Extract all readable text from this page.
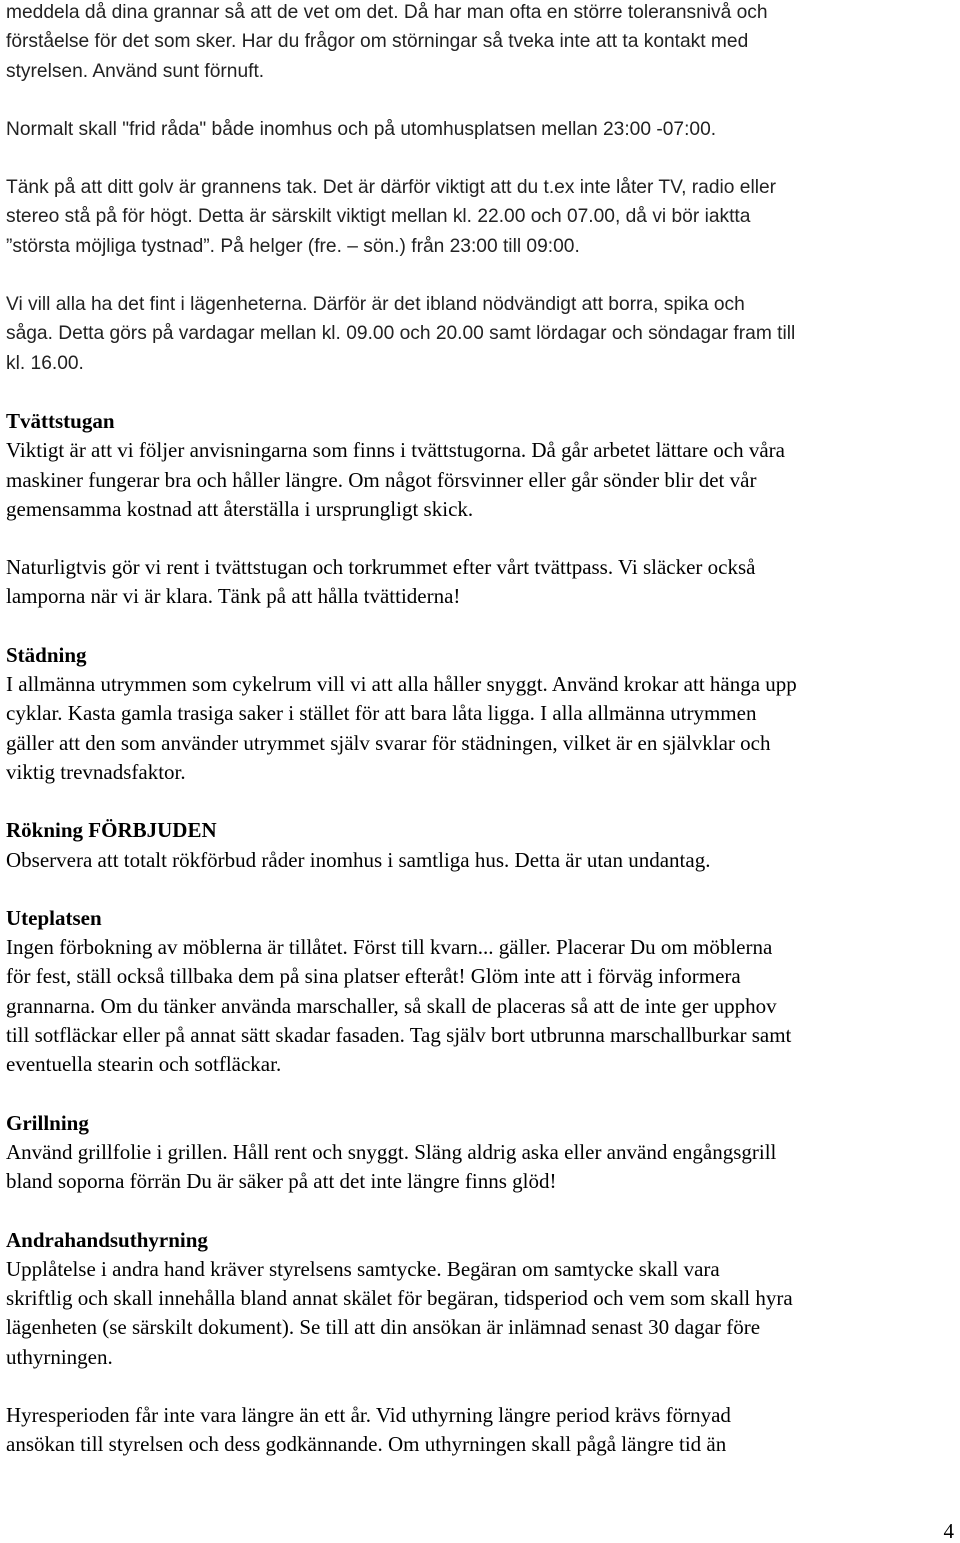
meddela då dina grannar så att de vet om det. Då har man ofta en större toleransnivå och
förståelse för det som sker. Har du frågor om störningar så tveka inte att ta kontakt med
styrelsen. Använd sunt förnuft.

Normalt skall "frid råda" både inomhus och på utomhusplatsen mellan 23:00 -07:00.

Tänk på att ditt golv är grannens tak. Det är därför viktigt att du t.ex inte låter TV, radio eller
stereo stå på för högt. Detta är särskilt viktigt mellan kl. 22.00 och 07.00, då vi bör iaktta
”största möjliga tystnad”. På helger (fre. – sön.) från 23:00 till 09:00.

Vi vill alla ha det fint i lägenheterna. Därför är det ibland nödvändigt att borra, spika och
såga. Detta görs på vardagar mellan kl. 09.00 och 20.00 samt lördagar och söndagar fram till
kl. 16.00.

Tvättstugan
Viktigt är att vi följer anvisningarna som finns i tvättstugorna. Då går arbetet lättare och våra
maskiner fungerar bra och håller längre. Om något försvinner eller går sönder blir det vår
gemensamma kostnad att återställa i ursprungligt skick.

Naturligtvis gör vi rent i tvättstugan och torkrummet efter vårt tvättpass. Vi släcker också
lamporna när vi är klara. Tänk på att hålla tvättiderna!

Städning
I allmänna utrymmen som cykelrum vill vi att alla håller snyggt. Använd krokar att hänga upp
cyklar. Kasta gamla trasiga saker i stället för att bara låta ligga. I alla allmänna utrymmen
gäller att den som använder utrymmet själv svarar för städningen, vilket är en självklar och
viktig trevnadsfaktor.
Rökning FÖRBJUDEN
Observera att totalt rökförbud råder inomhus i samtliga hus. Detta är utan undantag.
Uteplatsen
Ingen förbokning av möblerna är tillåtet. Först till kvarn... gäller. Placerar Du om möblerna
för fest, ställ också tillbaka dem på sina platser efteråt! Glöm inte att i förväg informera
grannarna. Om du tänker använda marschaller, så skall de placeras så att de inte ger upphov
till sotfläckar eller på annat sätt skadar fasaden. Tag själv bort utbrunna marschallburkar samt
eventuella stearin och sotfläckar.
Grillning
Använd grillfolie i grillen. Håll rent och snyggt. Släng aldrig aska eller använd engångsgrill
bland soporna förrän Du är säker på att det inte längre finns glöd!
Andrahandsuthyrning
Upplåtelse i andra hand kräver styrelsens samtycke. Begäran om samtycke skall vara
skriftlig och skall innehålla bland annat skälet för begäran, tidsperiod och vem som skall hyra
lägenheten (se särskilt dokument). Se till att din ansökan är inlämnad senast 30 dagar före
uthyrningen.

Hyresperioden får inte vara längre än ett år. Vid uthyrning längre period krävs förnyad
ansökan till styrelsen och dess godkännande. Om uthyrningen skall pågå längre tid än

4
